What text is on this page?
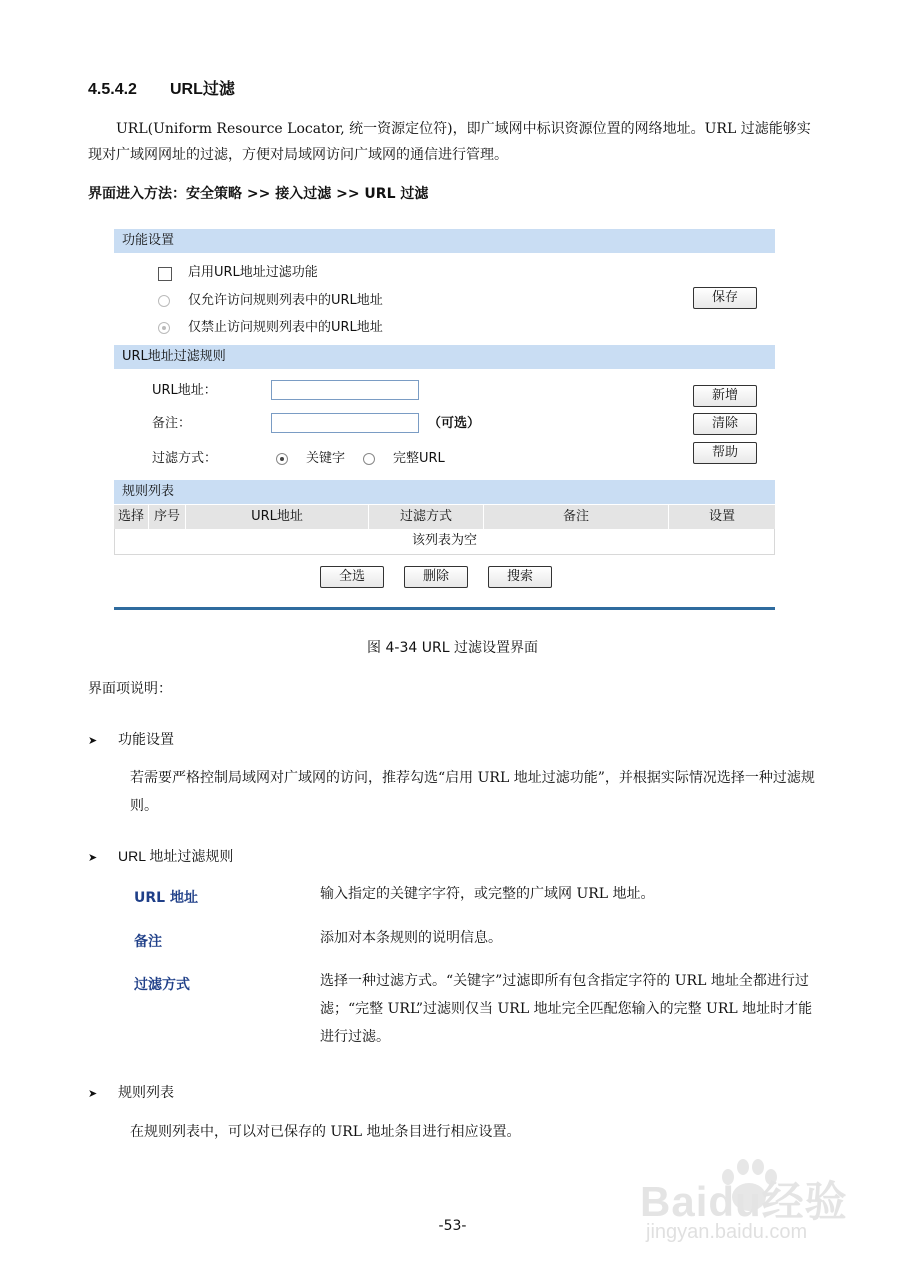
4.5.4.2 URL过滤
URL(Uniform Resource Locator, 统一资源定位符)，即广域网中标识资源位置的网络地址。URL 过滤能够实现对广域网网址的过滤，方便对局域网访问广域网的通信进行管理。
界面进入方法：安全策略 >> 接入过滤 >> URL 过滤
功能设置
启用URL地址过滤功能
仅允许访问规则列表中的URL地址
仅禁止访问规则列表中的URL地址
保存
URL地址过滤规则
URL地址：
备注：	（可选）
过滤方式：	关键字	完整URL
新增
清除
帮助
规则列表
选择 序号	URL地址	过滤方式	备注	设置
该列表为空
全选	删除	搜索
图 4-34 URL 过滤设置界面
界面项说明：
➤ 功能设置
若需要严格控制局域网对广域网的访问，推荐勾选“启用 URL 地址过滤功能”，并根据实际情况选择一种过滤规则。
➤ URL 地址过滤规则
URL 地址	输入指定的关键字字符，或完整的广域网 URL 地址。
备注	添加对本条规则的说明信息。
过滤方式	选择一种过滤方式。“关键字”过滤即所有包含指定字符的 URL 地址全都进行过滤；“完整 URL”过滤则仅当 URL 地址完全匹配您输入的完整 URL 地址时才能进行过滤。
➤ 规则列表
在规则列表中，可以对已保存的 URL 地址条目进行相应设置。
Baidu经验
jingyan.baidu.com
-53-
